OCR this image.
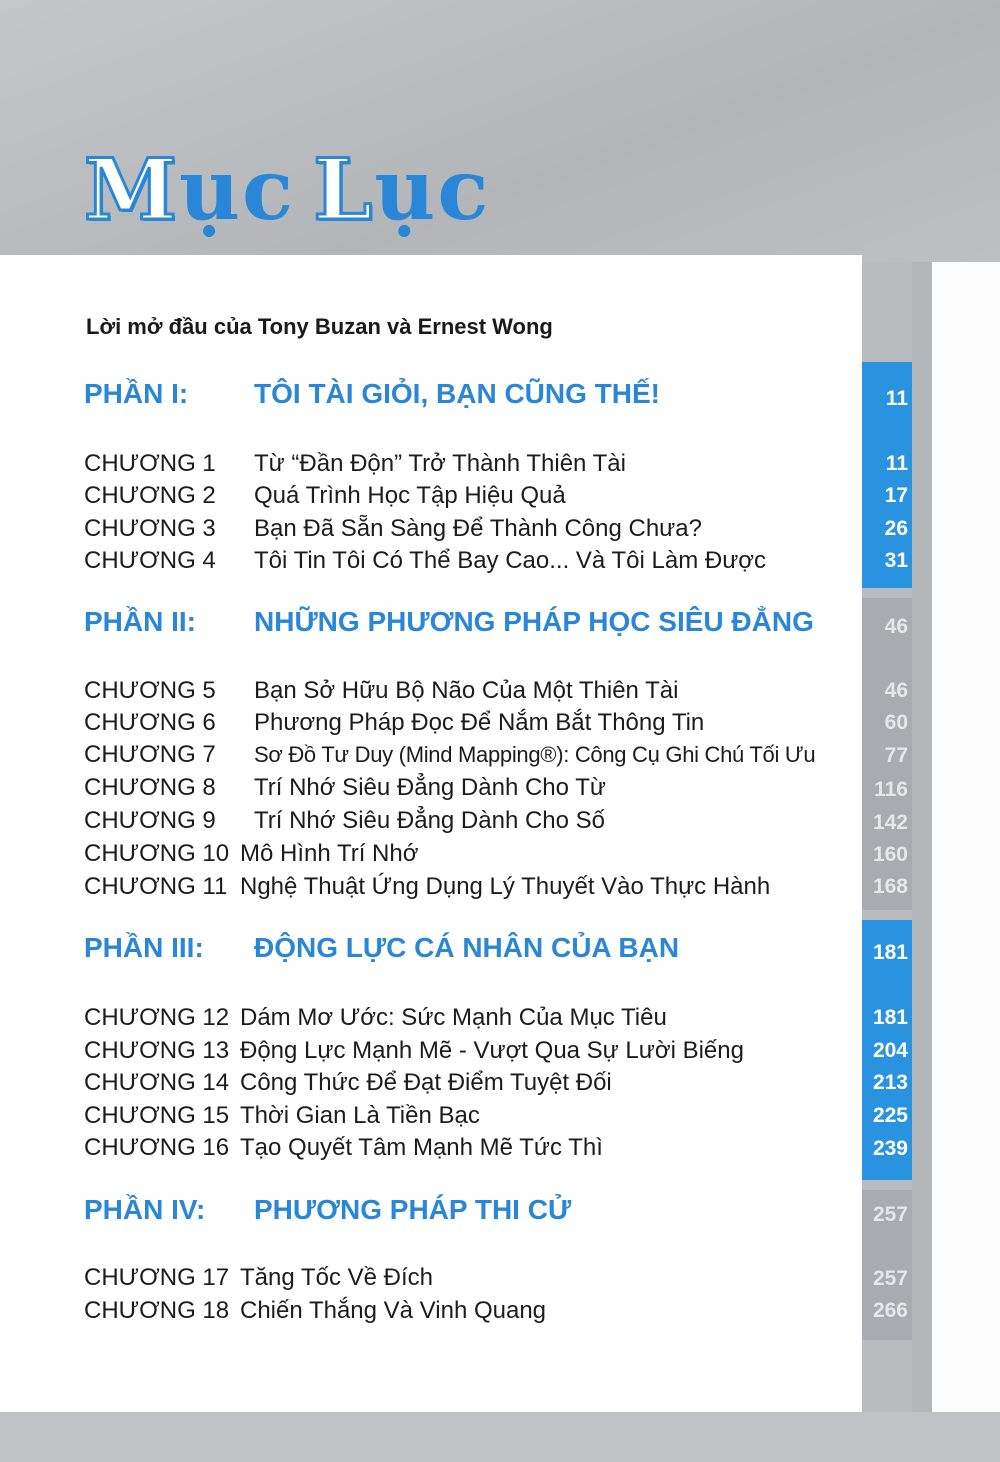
Mục Lục
Lời mở đầu của Tony Buzan và Ernest Wong
PHẦN I: TÔI TÀI GIỎI, BẠN CŨNG THẾ!	11
CHƯƠNG 1 Từ “Đần Độn” Trở Thành Thiên Tài	11
CHƯƠNG 2 Quá Trình Học Tập Hiệu Quả	17
CHƯƠNG 3 Bạn Đã Sẵn Sàng Để Thành Công Chưa?	26
CHƯƠNG 4 Tôi Tin Tôi Có Thể Bay Cao... Và Tôi Làm Được	31
PHẦN II: NHỮNG PHƯƠNG PHÁP HỌC SIÊU ĐẲNG	46
CHƯƠNG 5 Bạn Sở Hữu Bộ Não Của Một Thiên Tài	46
CHƯƠNG 6 Phương Pháp Đọc Để Nắm Bắt Thông Tin	60
CHƯƠNG 7 Sơ Đồ Tư Duy (Mind Mapping®): Công Cụ Ghi Chú Tối Ưu	77
CHƯƠNG 8 Trí Nhớ Siêu Đẳng Dành Cho Từ	116
CHƯƠNG 9 Trí Nhớ Siêu Đẳng Dành Cho Số	142
CHƯƠNG 10 Mô Hình Trí Nhớ	160
CHƯƠNG 11 Nghệ Thuật Ứng Dụng Lý Thuyết Vào Thực Hành	168
PHẦN III: ĐỘNG LỰC CÁ NHÂN CỦA BẠN	181
CHƯƠNG 12 Dám Mơ Ước: Sức Mạnh Của Mục Tiêu	181
CHƯƠNG 13 Động Lực Mạnh Mẽ - Vượt Qua Sự Lười Biếng	204
CHƯƠNG 14 Công Thức Để Đạt Điểm Tuyệt Đối	213
CHƯƠNG 15 Thời Gian Là Tiền Bạc	225
CHƯƠNG 16 Tạo Quyết Tâm Mạnh Mẽ Tức Thì	239
PHẦN IV: PHƯƠNG PHÁP THI CỬ	257
CHƯƠNG 17 Tăng Tốc Về Đích	257
CHƯƠNG 18 Chiến Thắng Và Vinh Quang	266
